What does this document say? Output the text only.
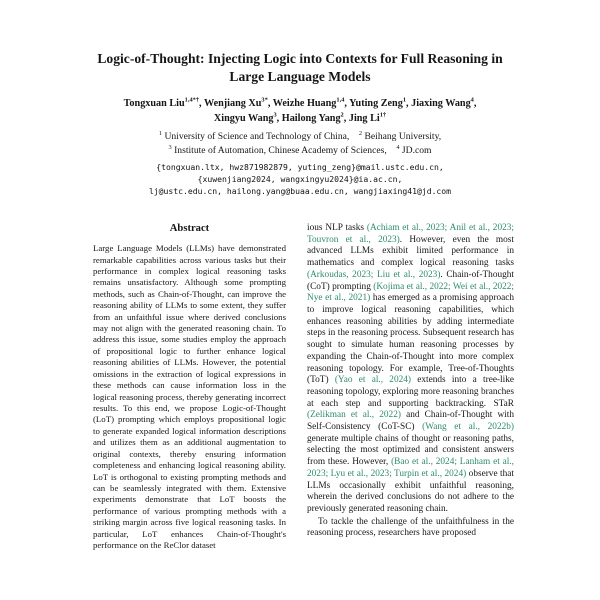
Logic-of-Thought: Injecting Logic into Contexts for Full Reasoning in Large Language Models
Tongxuan Liu$^{1,4*\dagger}$, Wenjiang $Xu^{3*}$, Weizhe Huang$^{1,4}$, Yuting Zeng$^1$, Jiaxing Wang$^4$,
Xingyu Wang$^3$, Hailong Yang$^2$, Jing $Li^{1\dagger}$
$^1$ University of Science and Technology of China,  $^2$ Beihang University,
$^3$ Institute of Automation, Chinese Academy of Sciences,  $^4$ JD.com
{tongxuan.ltx, hwz871982879, yuting_zeng}@mail.ustc.edu.cn,
{xuwenjiang2024, wangxingyu2024}@ia.ac.cn,
lj@ustc.edu.cn, hailong.yang@buaa.edu.cn, wangjiaxing41@jd.com
Abstract
Large Language Models (LLMs) have demonstrated remarkable capabilities across various tasks but their performance in complex logical reasoning tasks remains unsatisfactory. Although some prompting methods, such as Chain-of-Thought, can improve the reasoning ability of LLMs to some extent, they suffer from an unfaithful issue where derived conclusions may not align with the generated reasoning chain. To address this issue, some studies employ the approach of propositional logic to further enhance logical reasoning abilities of LLMs. However, the potential omissions in the extraction of logical expressions in these methods can cause information loss in the logical reasoning process, thereby generating incorrect results. To this end, we propose Logic-of-Thought (LoT) prompting which employs propositional logic to generate expanded logical information descriptions and utilizes them as an additional augmentation to original contexts, thereby ensuring information completeness and enhancing logical reasoning ability. LoT is orthogonal to existing prompting methods and can be seamlessly integrated with them. Extensive experiments demonstrate that LoT boosts the performance of various prompting methods with a striking margin across five logical reasoning tasks. In particular, LoT enhances Chain-of-Thought's performance on the ReClor dataset

ious NLP tasks (Achiam et al., 2023; Anil et al., 2023; Touvron et al., 2023). However, even the most advanced LLMs exhibit limited performance in mathematics and complex logical reasoning tasks (Arkoudas, 2023; Liu et al., 2023). Chain-of-Thought (CoT) prompting (Kojima et al., 2022; Wei et al., 2022; Nye et al., 2021) has emerged as a promising approach to improve logical reasoning capabilities, which enhances reasoning abilities by adding intermediate steps in the reasoning process. Subsequent research has sought to simulate human reasoning processes by expanding the Chain-of-Thought into more complex reasoning topology. For example, Tree-of-Thoughts (ToT) (Yao et al., 2024) extends into a tree-like reasoning topology, exploring more reasoning branches at each step and supporting backtracking. STaR (Zelikman et al., 2022) and Chain-of-Thought with Self-Consistency (CoT-SC) (Wang et al., 2022b) generate multiple chains of thought or reasoning paths, selecting the most optimized and consistent answers from these. However, (Bao et al., 2024; Lanham et al., 2023; Lyu et al., 2023; Turpin et al., 2024) observe that LLMs occasionally exhibit unfaithful reasoning, wherein the derived conclusions do not adhere to the previously generated reasoning chain.

To tackle the challenge of the unfaithfulness in the reasoning process, researchers have proposed
